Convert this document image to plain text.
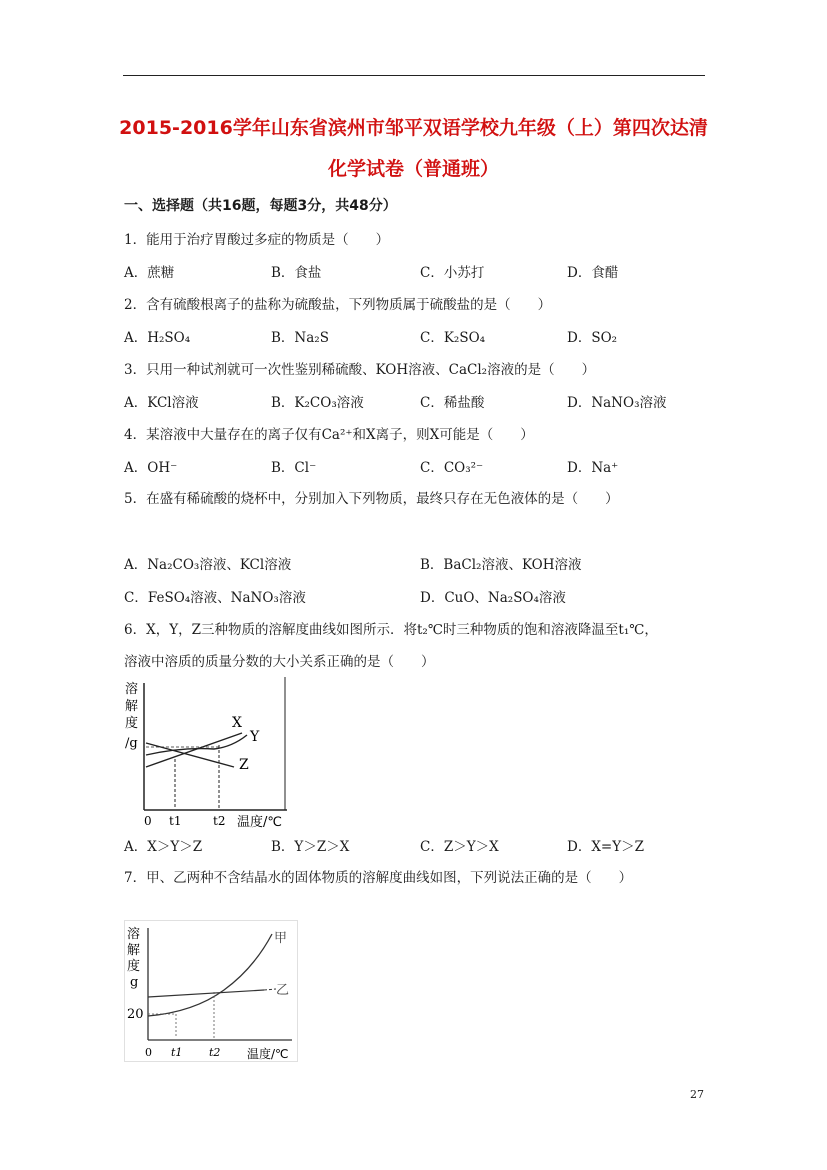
2015-2016学年山东省滨州市邹平双语学校九年级（上）第四次达清
化学试卷（普通班）
一、选择题（共16题，每题3分，共48分）
1．能用于治疗胃酸过多症的物质是（　　）
A．蔗糖	B．食盐	C．小苏打	D．食醋
2．含有硫酸根离子的盐称为硫酸盐，下列物质属于硫酸盐的是（　　）
A．H₂SO₄	B．Na₂S	C．K₂SO₄	D．SO₂
3．只用一种试剂就可一次性鉴别稀硫酸、KOH溶液、CaCl₂溶液的是（　　）
A．KCl溶液	B．K₂CO₃溶液	C．稀盐酸	D．NaNO₃溶液
4．某溶液中大量存在的离子仅有Ca²⁺和X离子，则X可能是（　　）
A．OH⁻	B．Cl⁻	C．CO₃²⁻	D．Na⁺
5．在盛有稀硫酸的烧杯中，分别加入下列物质，最终只存在无色液体的是（　　）
A．Na₂CO₃溶液、KCl溶液	B．BaCl₂溶液、KOH溶液
C．FeSO₄溶液、NaNO₃溶液	D．CuO、Na₂SO₄溶液
6．X，Y，Z三种物质的溶解度曲线如图所示．将t₂℃时三种物质的饱和溶液降温至t₁℃，
溶液中溶质的质量分数的大小关系正确的是（　　）
溶
解
度
/g
X
Y
Z
0 t1	t2 温度/℃
A．X＞Y＞Z	B．Y＞Z＞X	C．Z＞Y＞X	D．X=Y＞Z
7．甲、乙两种不含结晶水的固体物质的溶解度曲线如图，下列说法正确的是（　　）
溶
解
度
g
20
甲
乙
0 t1 t2 温度/℃
27
